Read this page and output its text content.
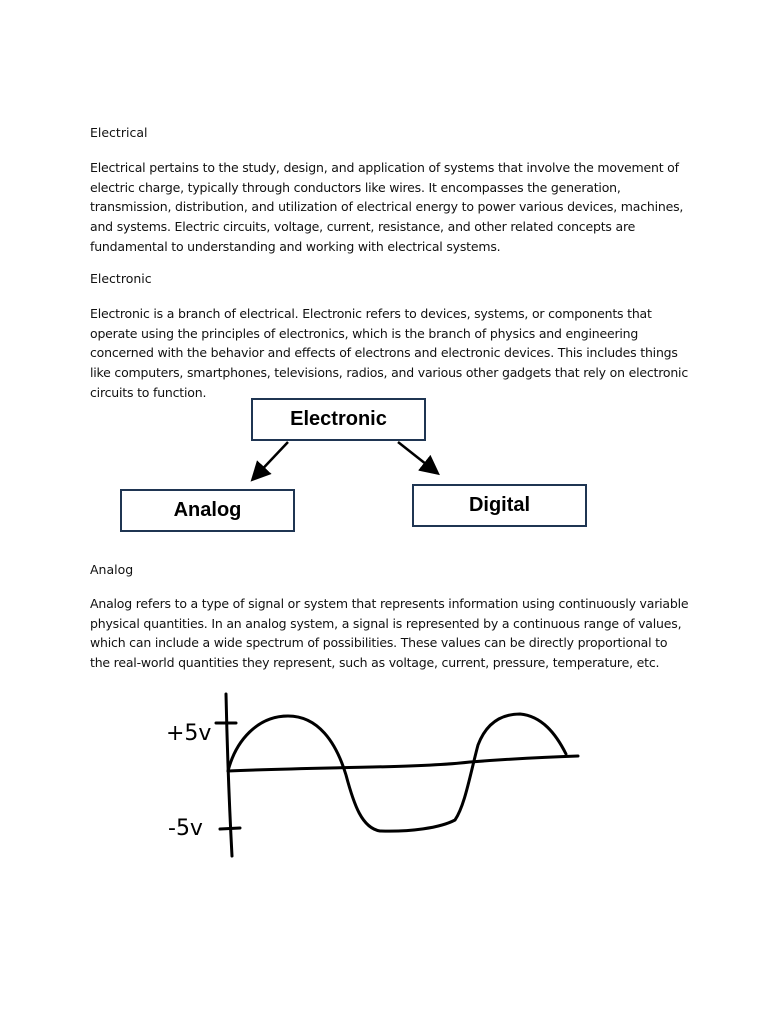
Electrical

Electrical pertains to the study, design, and application of systems that involve the movement of electric charge, typically through conductors like wires. It encompasses the generation, transmission, distribution, and utilization of electrical energy to power various devices, machines, and systems. Electric circuits, voltage, current, resistance, and other related concepts are fundamental to understanding and working with electrical systems.

Electronic

Electronic is a branch of electrical. Electronic refers to devices, systems, or components that operate using the principles of electronics, which is the branch of physics and engineering concerned with the behavior and effects of electrons and electronic devices. This includes things like computers, smartphones, televisions, radios, and various other gadgets that rely on electronic circuits to function.

Electronic
Analog	Digital

Analog

Analog refers to a type of signal or system that represents information using continuously variable physical quantities. In an analog system, a signal is represented by a continuous range of values, which can include a wide spectrum of possibilities. These values can be directly proportional to the real-world quantities they represent, such as voltage, current, pressure, temperature, etc.

+5v
-5v
